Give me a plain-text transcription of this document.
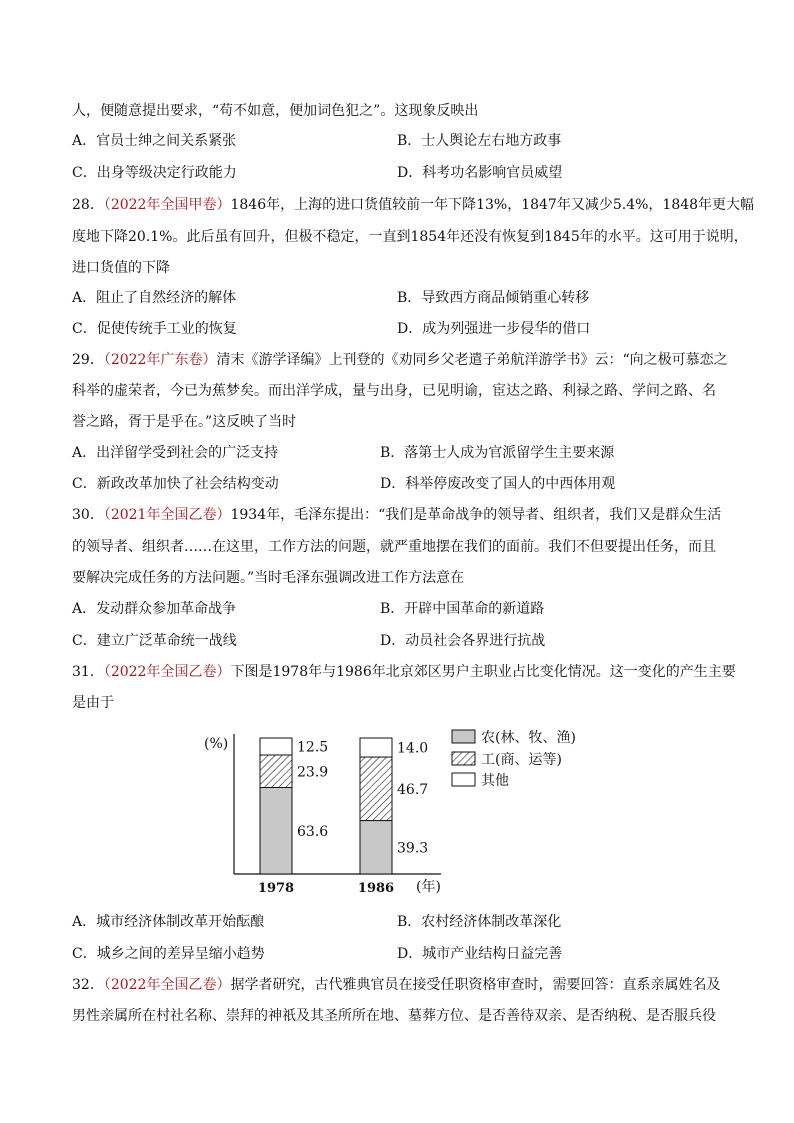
人，便随意提出要求，“苟不如意，便加词色犯之”。这现象反映出
A．官员士绅之间关系紧张	B．士人舆论左右地方政事
C．出身等级决定行政能力	D．科考功名影响官员威望
28．（2022年全国甲卷）1846年，上海的进口货值较前一年下降13%，1847年又减少5.4%，1848年更大幅
度地下降20.1%。此后虽有回升，但极不稳定，一直到1854年还没有恢复到1845年的水平。这可用于说明，
进口货值的下降
A．阻止了自然经济的解体	B．导致西方商品倾销重心转移
C．促使传统手工业的恢复	D．成为列强进一步侵华的借口
29．（2022年广东卷）清末《游学译编》上刊登的《劝同乡父老遣子弟航洋游学书》云：“向之极可慕恋之
科举的虚荣者，今已为蕉梦矣。而出洋学成，量与出身，已见明谕，宦达之路、利禄之路、学问之路、名
誉之路，胥于是乎在。”这反映了当时
A．出洋留学受到社会的广泛支持	B．落第士人成为官派留学生主要来源
C．新政改革加快了社会结构变动	D．科举停废改变了国人的中西体用观
30．（2021年全国乙卷）1934年，毛泽东提出：“我们是革命战争的领导者、组织者，我们又是群众生活
的领导者、组织者……在这里，工作方法的问题，就严重地摆在我们的面前。我们不但要提出任务，而且
要解决完成任务的方法问题。”当时毛泽东强调改进工作方法意在
A．发动群众参加革命战争	B．开辟中国革命的新道路
C．建立广泛革命统一战线	D．动员社会各界进行抗战
31．（2022年全国乙卷）下图是1978年与1986年北京郊区男户主职业占比变化情况。这一变化的产生主要
是由于
(%)
1978	1986 (年)
63.6
23.9
12.5
39.3
46.7
14.0
农(林、牧、渔)
工(商、运等)
其他
A．城市经济体制改革开始酝酿	B．农村经济体制改革深化
C．城乡之间的差异呈缩小趋势	D．城市产业结构日益完善
32．（2022年全国乙卷）据学者研究，古代雅典官员在接受任职资格审查时，需要回答：直系亲属姓名及
男性亲属所在村社名称、崇拜的神祇及其圣所所在地、墓葬方位、是否善待双亲、是否纳税、是否服兵役
